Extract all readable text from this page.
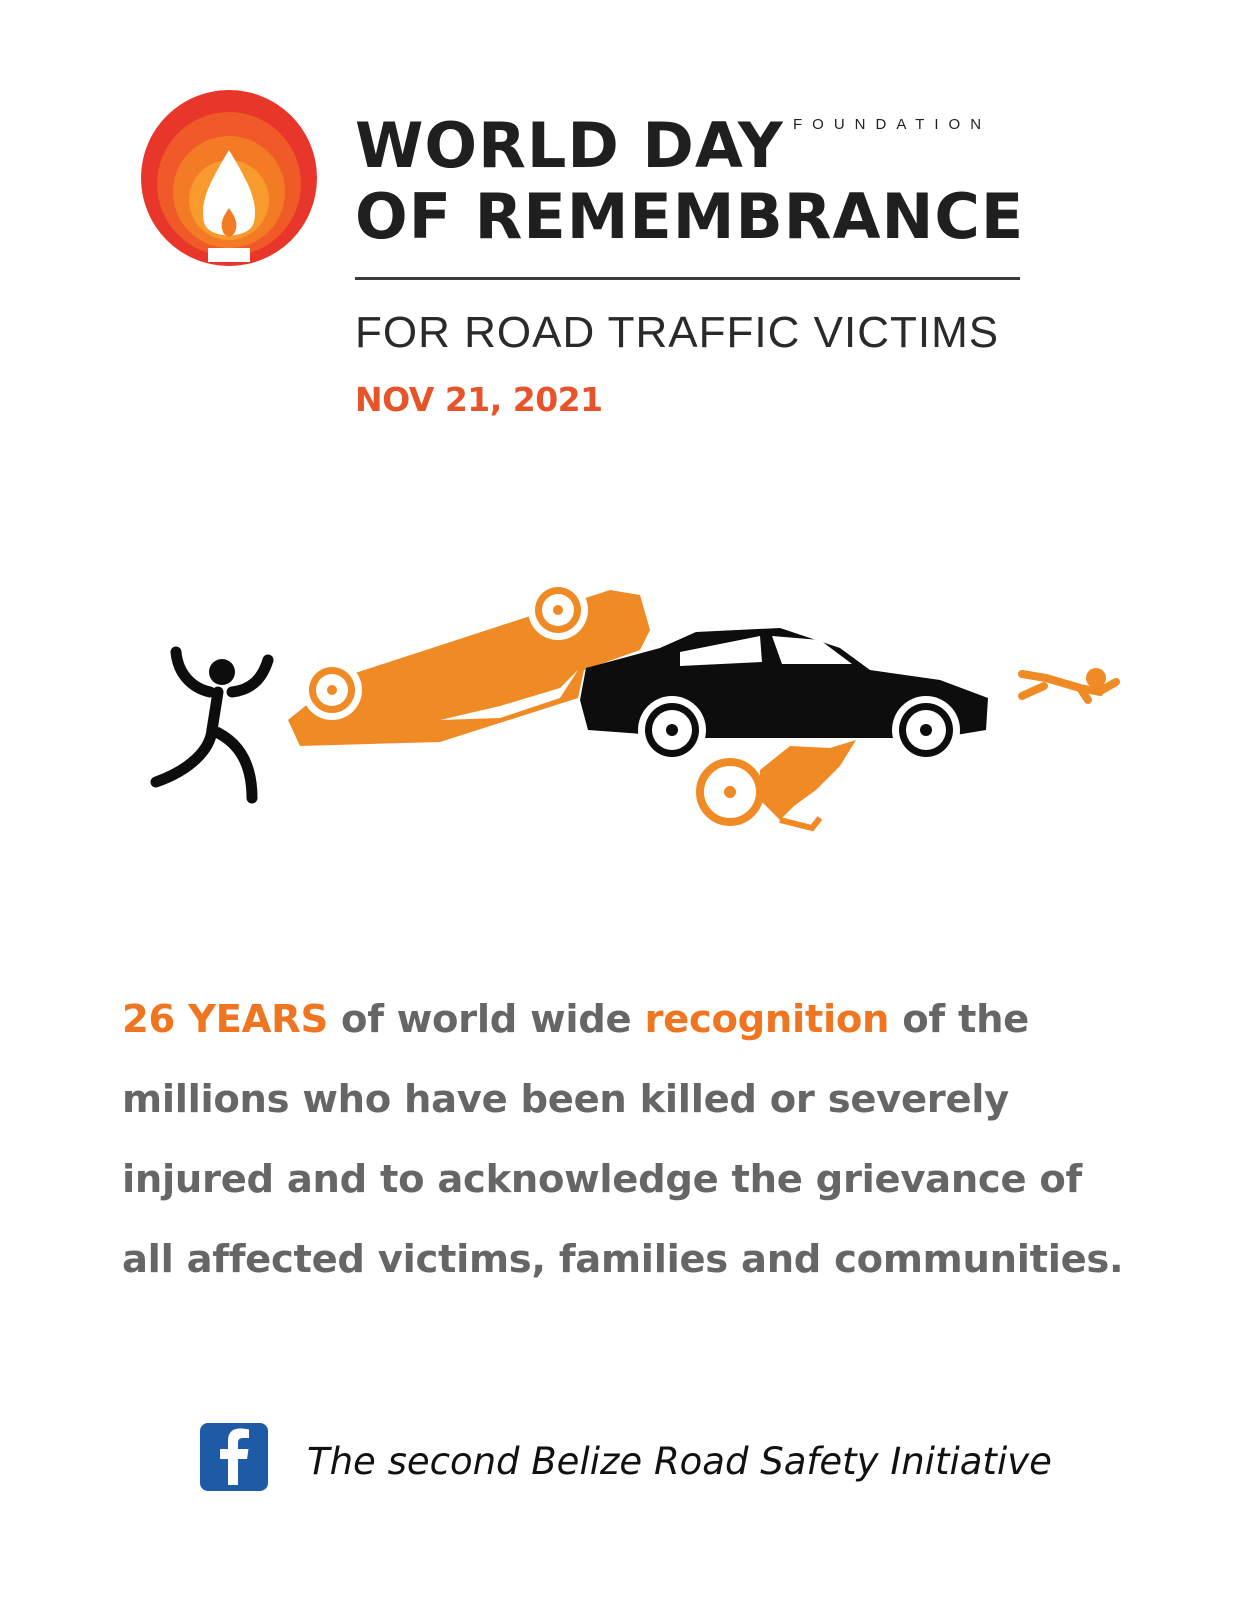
WORLD DAY FOUNDATION
OF REMEMBRANCE
FOR ROAD TRAFFIC VICTIMS
NOV 21, 2021
26 YEARS of world wide recognition of the
millions who have been killed or severely
injured and to acknowledge the grievance of
all affected victims, families and communities.
The second Belize Road Safety Initiative
